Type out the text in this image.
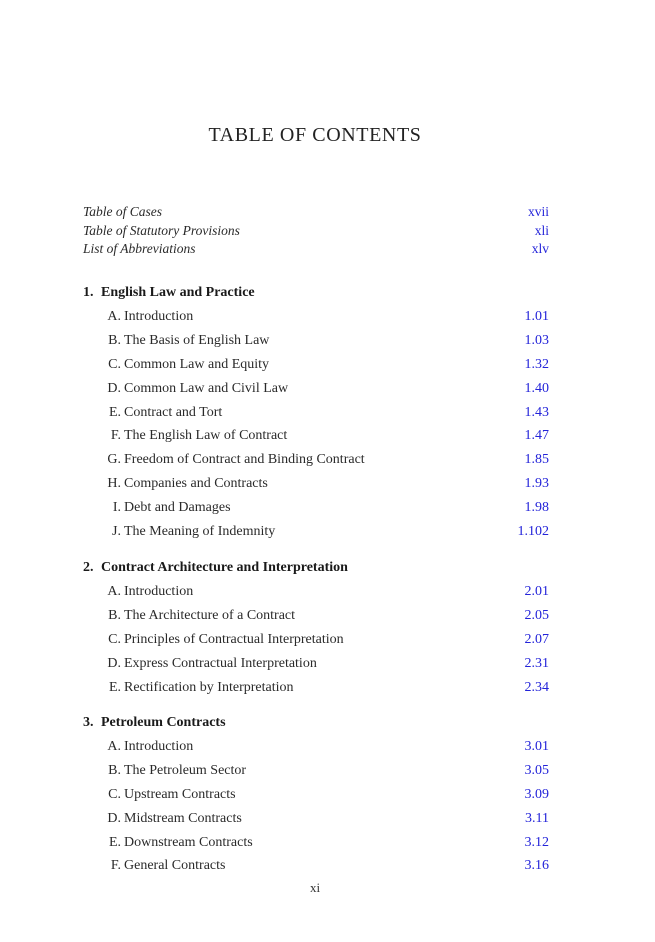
TABLE OF CONTENTS
Table of Cases	xvii
Table of Statutory Provisions	xli
List of Abbreviations	xlv
1. English Law and Practice
A. Introduction	1.01
B. The Basis of English Law	1.03
C. Common Law and Equity	1.32
D. Common Law and Civil Law	1.40
E. Contract and Tort	1.43
F. The English Law of Contract	1.47
G. Freedom of Contract and Binding Contract	1.85
H. Companies and Contracts	1.93
I. Debt and Damages	1.98
J. The Meaning of Indemnity	1.102
2. Contract Architecture and Interpretation
A. Introduction	2.01
B. The Architecture of a Contract	2.05
C. Principles of Contractual Interpretation	2.07
D. Express Contractual Interpretation	2.31
E. Rectification by Interpretation	2.34
3. Petroleum Contracts
A. Introduction	3.01
B. The Petroleum Sector	3.05
C. Upstream Contracts	3.09
D. Midstream Contracts	3.11
E. Downstream Contracts	3.12
F. General Contracts	3.16
xi
